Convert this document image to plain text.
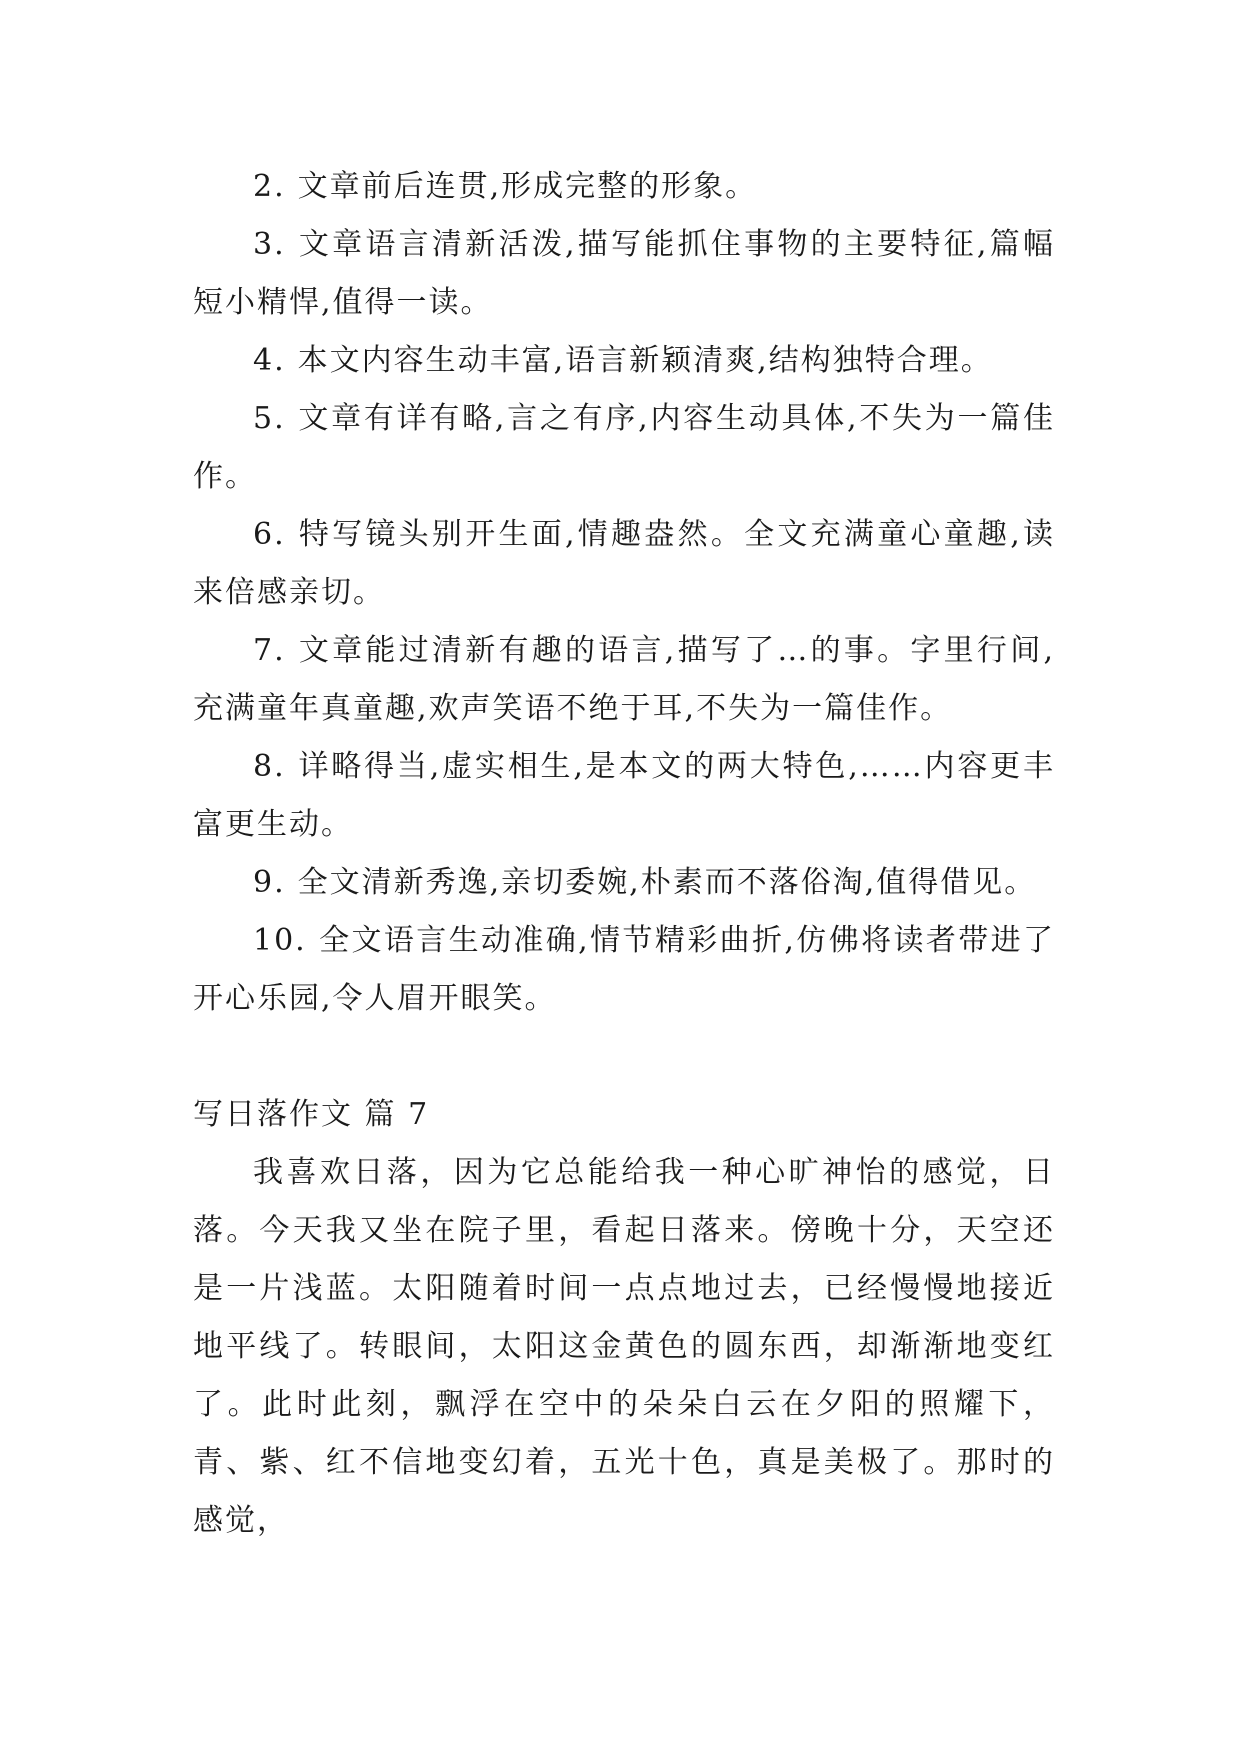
2. 文章前后连贯,形成完整的形象。

3. 文章语言清新活泼,描写能抓住事物的主要特征,篇幅短小精悍,值得一读。

4. 本文内容生动丰富,语言新颖清爽,结构独特合理。

5. 文章有详有略,言之有序,内容生动具体,不失为一篇佳作。

6. 特写镜头别开生面,情趣盎然。全文充满童心童趣,读来倍感亲切。

7. 文章能过清新有趣的语言,描写了…的事。字里行间,充满童年真童趣,欢声笑语不绝于耳,不失为一篇佳作。

8. 详略得当,虚实相生,是本文的两大特色,……内容更丰富更生动。

9. 全文清新秀逸,亲切委婉,朴素而不落俗淘,值得借见。

10. 全文语言生动准确,情节精彩曲折,仿佛将读者带进了开心乐园,令人眉开眼笑。

写日落作文 篇 7

我喜欢日落，因为它总能给我一种心旷神怡的感觉，日落。今天我又坐在院子里，看起日落来。傍晚十分，天空还是一片浅蓝。太阳随着时间一点点地过去，已经慢慢地接近地平线了。转眼间，太阳这金黄色的圆东西，却渐渐地变红了。此时此刻，飘浮在空中的朵朵白云在夕阳的照耀下，青、紫、红不信地变幻着，五光十色，真是美极了。那时的感觉，
